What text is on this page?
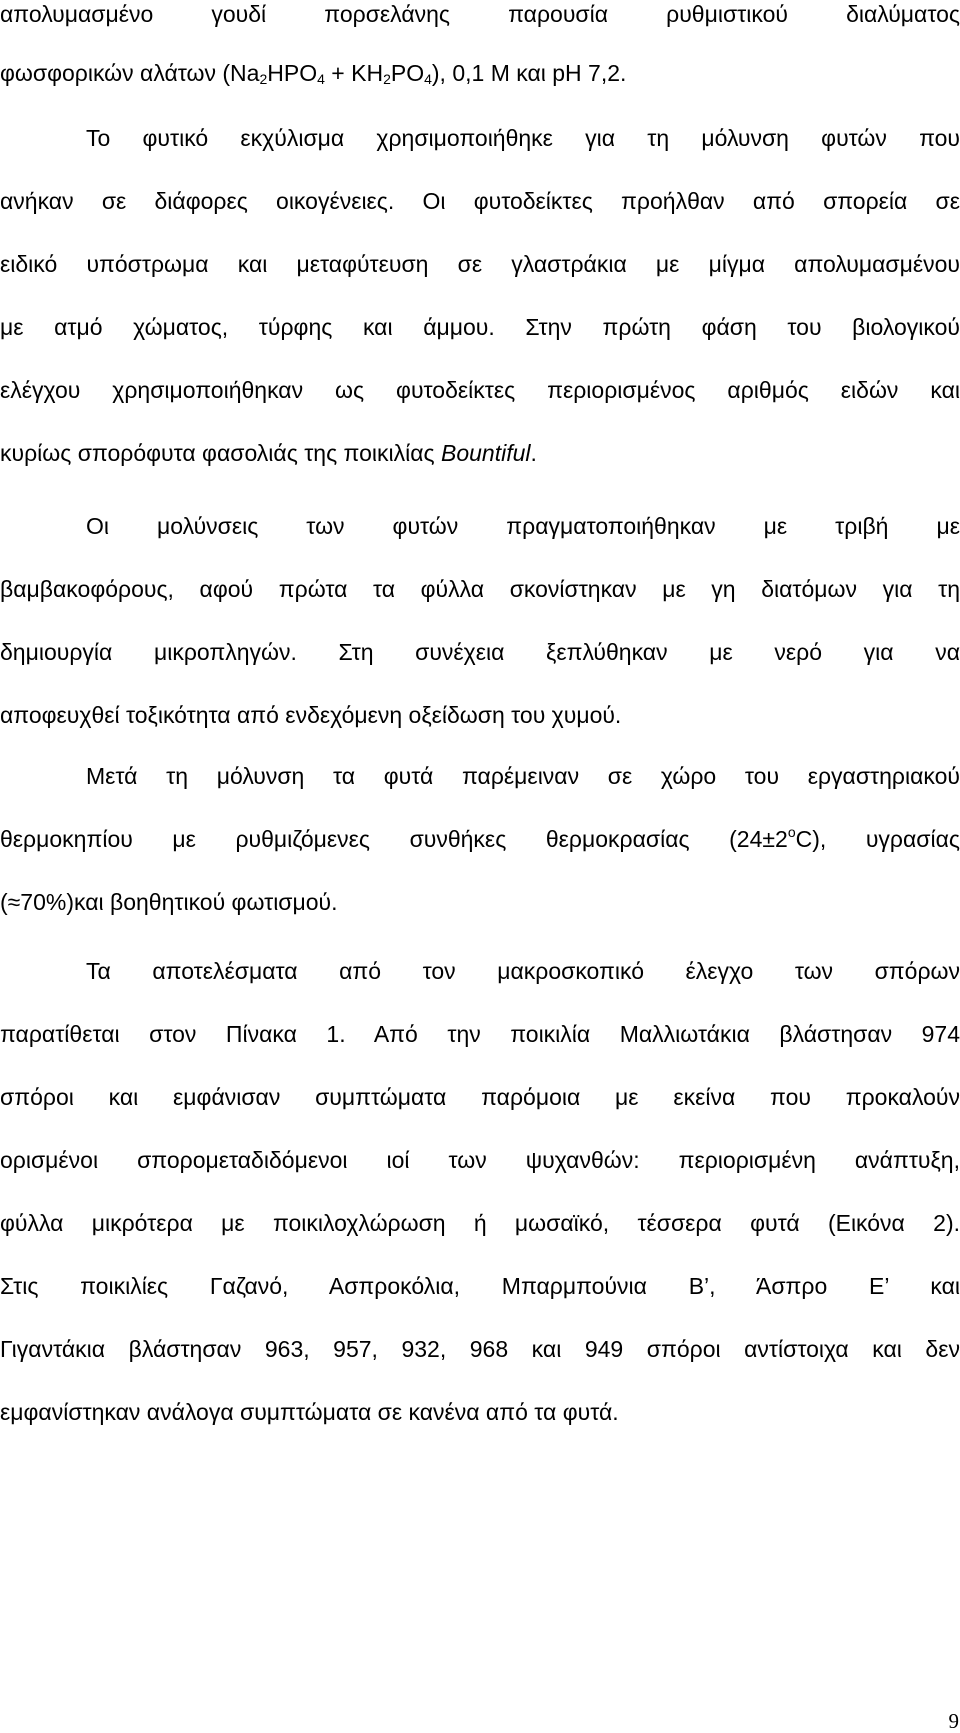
απολυμασμένο γουδί πορσελάνης παρουσία ρυθμιστικού διαλύματος
φωσφορικών αλάτων $(Na_2HPO_4 + KH_2PO_4)$, 0,1 M και pH 7,2.
Το φυτικό εκχύλισμα χρησιμοποιήθηκε για τη μόλυνση φυτών που
ανήκαν σε διάφορες οικογένειες. Οι φυτοδείκτες προήλθαν από σπορεία σε
ειδικό υπόστρωμα και μεταφύτευση σε γλαστράκια με μίγμα απολυμασμένου
με ατμό χώματος, τύρφης και άμμου. Στην πρώτη φάση του βιολογικού
ελέγχου χρησιμοποιήθηκαν ως φυτοδείκτες περιορισμένος αριθμός ειδών και
κυρίως σπορόφυτα φασολιάς της ποικιλίας Bountiful.
Οι μολύνσεις των φυτών πραγματοποιήθηκαν με τριβή με
βαμβακοφόρους, αφού πρώτα τα φύλλα σκονίστηκαν με γη διατόμων για τη
δημιουργία μικροπληγών. Στη συνέχεια ξεπλύθηκαν με νερό για να
αποφευχθεί τοξικότητα από ενδεχόμενη οξείδωση του χυμού.
Μετά τη μόλυνση τα φυτά παρέμειναν σε χώρο του εργαστηριακού
θερμοκηπίου με ρυθμιζόμενες συνθήκες θερμοκρασίας $(24\pm 2^oC)$, υγρασίας
(≈70%)και βοηθητικού φωτισμού.
Τα αποτελέσματα από τον μακροσκοπικό έλεγχο των σπόρων
παρατίθεται στον Πίνακα 1. Από την ποικιλία Μαλλιωτάκια βλάστησαν 974
σπόροι και εμφάνισαν συμπτώματα παρόμοια με εκείνα που προκαλούν
ορισμένοι σπορομεταδιδόμενοι ιοί των ψυχανθών: περιορισμένη ανάπτυξη,
φύλλα μικρότερα με ποικιλοχλώρωση ή μωσαϊκό, τέσσερα φυτά (Εικόνα 2).
Στις ποικιλίες Γαζανό, Ασπροκόλια, Μπαρμπούνια Β’, Άσπρο Ε’ και
Γιγαντάκια βλάστησαν 963, 957, 932, 968 και 949 σπόροι αντίστοιχα και δεν
εμφανίστηκαν ανάλογα συμπτώματα σε κανένα από τα φυτά.
9
